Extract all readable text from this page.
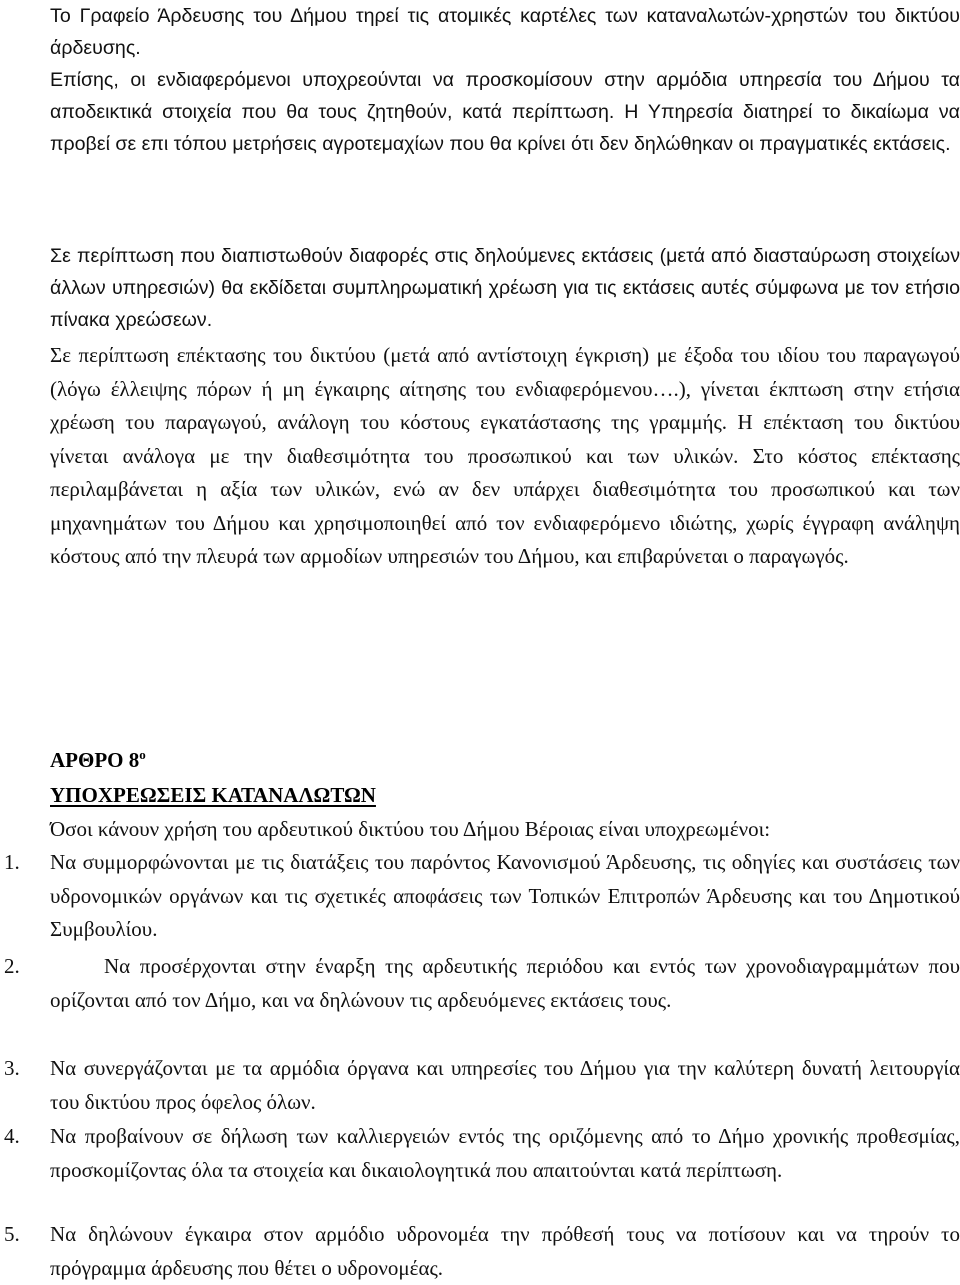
Το Γραφείο Άρδευσης του Δήμου τηρεί τις ατομικές καρτέλες των καταναλωτών-χρηστών του δικτύου άρδευσης.

Επίσης, οι ενδιαφερόμενοι υποχρεούνται να προσκομίσουν στην αρμόδια υπηρεσία του Δήμου τα αποδεικτικά στοιχεία που θα τους ζητηθούν, κατά περίπτωση. Η Υπηρεσία διατηρεί το δικαίωμα να προβεί σε επι τόπου μετρήσεις αγροτεμαχίων που θα κρίνει ότι δεν δηλώθηκαν οι πραγματικές εκτάσεις.

Σε περίπτωση που διαπιστωθούν διαφορές στις δηλούμενες εκτάσεις (μετά από διασταύρωση στοιχείων άλλων υπηρεσιών) θα εκδίδεται συμπληρωματική χρέωση για τις εκτάσεις αυτές σύμφωνα με τον ετήσιο πίνακα χρεώσεων.

Σε περίπτωση επέκτασης του δικτύου (μετά από αντίστοιχη έγκριση) με έξοδα του ιδίου του παραγωγού (λόγω έλλειψης πόρων ή μη έγκαιρης αίτησης του ενδιαφερόμενου….), γίνεται έκπτωση στην ετήσια χρέωση του παραγωγού, ανάλογη του κόστους εγκατάστασης της γραμμής. Η επέκταση του δικτύου γίνεται ανάλογα με την διαθεσιμότητα του προσωπικού και των υλικών. Στο κόστος επέκτασης περιλαμβάνεται η αξία των υλικών, ενώ αν δεν υπάρχει διαθεσιμότητα του προσωπικού και των μηχανημάτων του Δήμου και χρησιμοποιηθεί από τον ενδιαφερόμενο ιδιώτης, χωρίς έγγραφη ανάληψη κόστους από την πλευρά των αρμοδίων υπηρεσιών του Δήμου, και επιβαρύνεται ο παραγωγός.

ΑΡΘΡΟ $8^o$
ΥΠΟΧΡΕΩΣΕΙΣ ΚΑΤΑΝΑΛΩΤΩΝ

Όσοι κάνουν χρήση του αρδευτικού δικτύου του Δήμου Βέροιας είναι υποχρεωμένοι:

1. Να συμμορφώνονται με τις διατάξεις του παρόντος Κανονισμού Άρδευσης, τις οδηγίες και συστάσεις των υδρονομικών οργάνων και τις σχετικές αποφάσεις των Τοπικών Επιτροπών Άρδευσης και του Δημοτικού Συμβουλίου.

2.	Να προσέρχονται στην έναρξη της αρδευτικής περιόδου και εντός των χρονοδιαγραμμάτων που ορίζονται από τον Δήμο, και να δηλώνουν τις αρδευόμενες εκτάσεις τους.

3. Να συνεργάζονται με τα αρμόδια όργανα και υπηρεσίες του Δήμου για την καλύτερη δυνατή λειτουργία του δικτύου προς όφελος όλων.

4. Να προβαίνουν σε δήλωση των καλλιεργειών εντός της οριζόμενης από το Δήμο χρονικής προθεσμίας, προσκομίζοντας όλα τα στοιχεία και δικαιολογητικά που απαιτούνται κατά περίπτωση.

5. Να δηλώνουν έγκαιρα στον αρμόδιο υδρονομέα την πρόθεσή τους να ποτίσουν και να τηρούν το πρόγραμμα άρδευσης που θέτει ο υδρονομέας.
